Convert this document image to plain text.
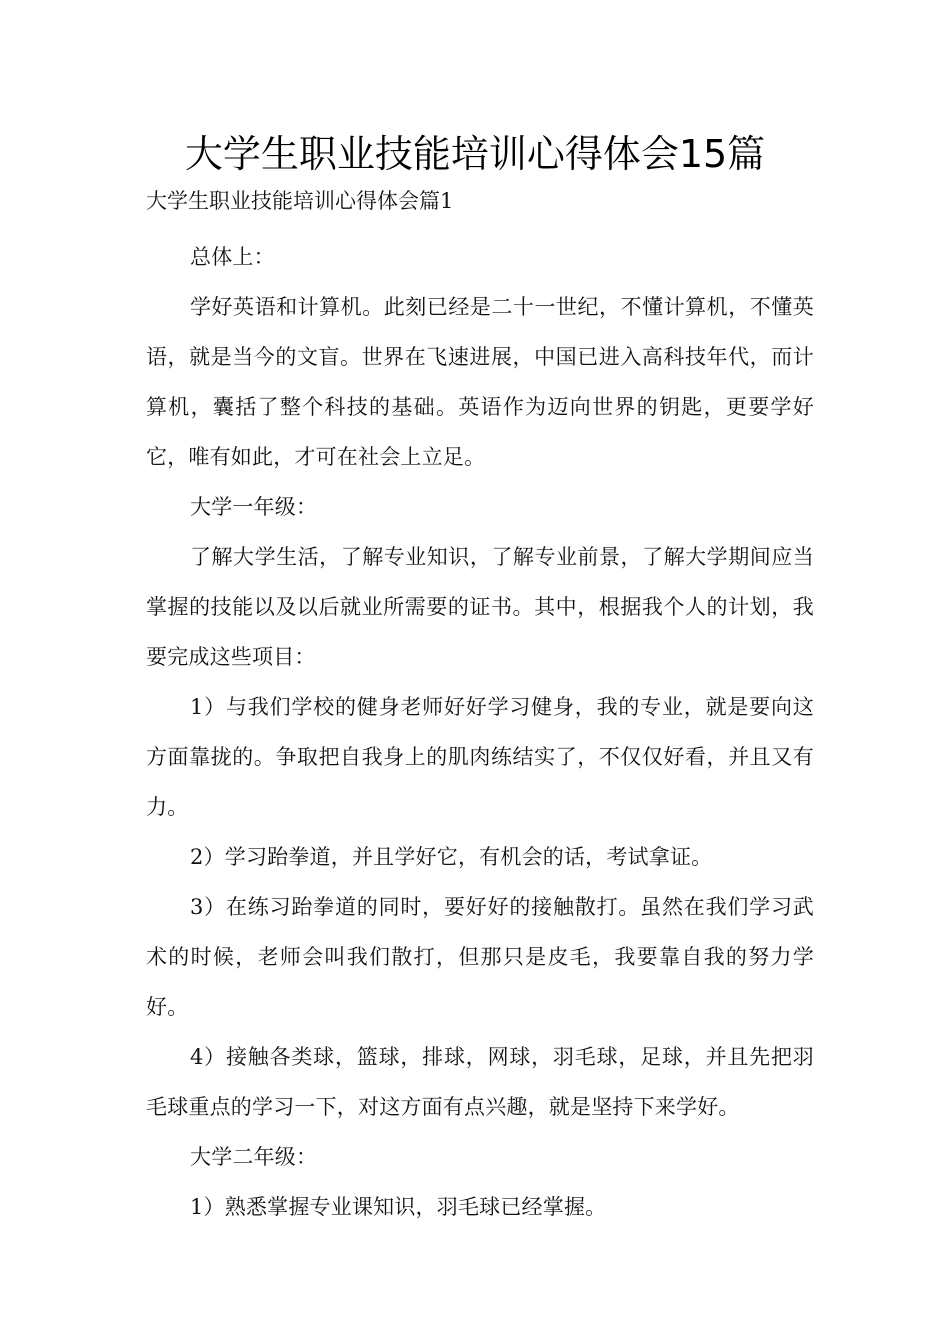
大学生职业技能培训心得体会15篇

大学生职业技能培训心得体会篇1

总体上：

学好英语和计算机。此刻已经是二十一世纪，不懂计算机，不懂英语，就是当今的文盲。世界在飞速进展，中国已进入高科技年代，而计算机，囊括了整个科技的基础。英语作为迈向世界的钥匙，更要学好它，唯有如此，才可在社会上立足。

大学一年级：

了解大学生活，了解专业知识，了解专业前景，了解大学期间应当掌握的技能以及以后就业所需要的证书。其中，根据我个人的计划，我要完成这些项目：

1）与我们学校的健身老师好好学习健身，我的专业，就是要向这方面靠拢的。争取把自我身上的肌肉练结实了，不仅仅好看，并且又有力。

2）学习跆拳道，并且学好它，有机会的话，考试拿证。

3）在练习跆拳道的同时，要好好的接触散打。虽然在我们学习武术的时候，老师会叫我们散打，但那只是皮毛，我要靠自我的努力学好。

4）接触各类球，篮球，排球，网球，羽毛球，足球，并且先把羽毛球重点的学习一下，对这方面有点兴趣，就是坚持下来学好。

大学二年级：

1）熟悉掌握专业课知识，羽毛球已经掌握。
